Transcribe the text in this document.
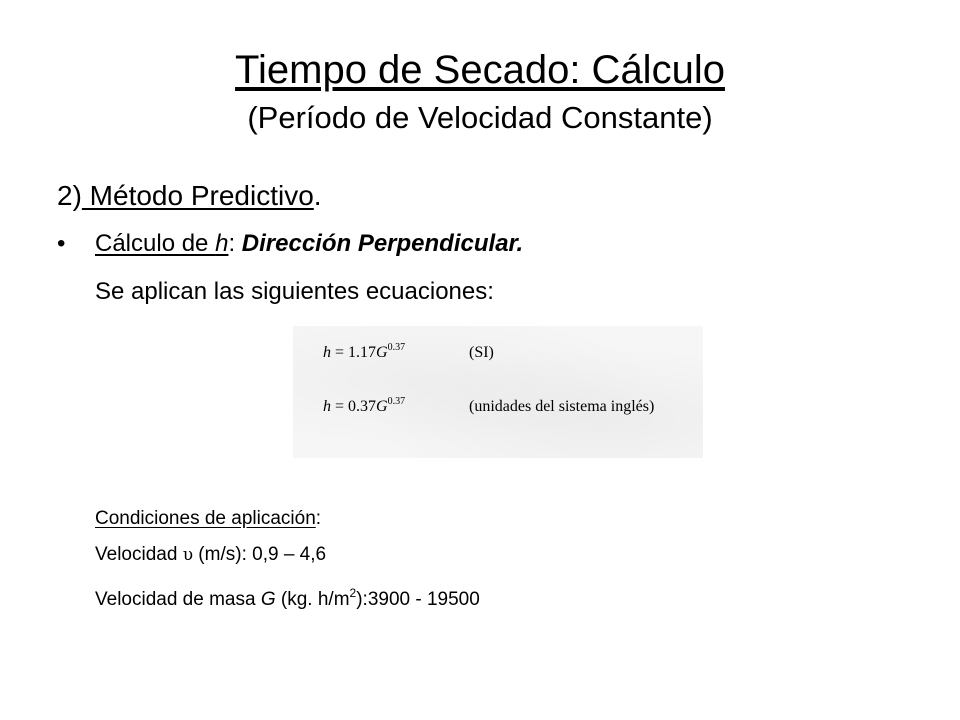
Tiempo de Secado: Cálculo
(Período de Velocidad Constante)
2) Método Predictivo.
• Cálculo de h: Dirección Perpendicular.
Se aplican las siguientes ecuaciones:
$h = 1.17G^{0.37}$	(SI)
$h = 0.37G^{0.37}$	(unidades del sistema inglés)
Condiciones de aplicación:
Velocidad υ (m/s): 0,9 – 4,6
Velocidad de masa G (kg. $h/m^2):3900 - 19500$
